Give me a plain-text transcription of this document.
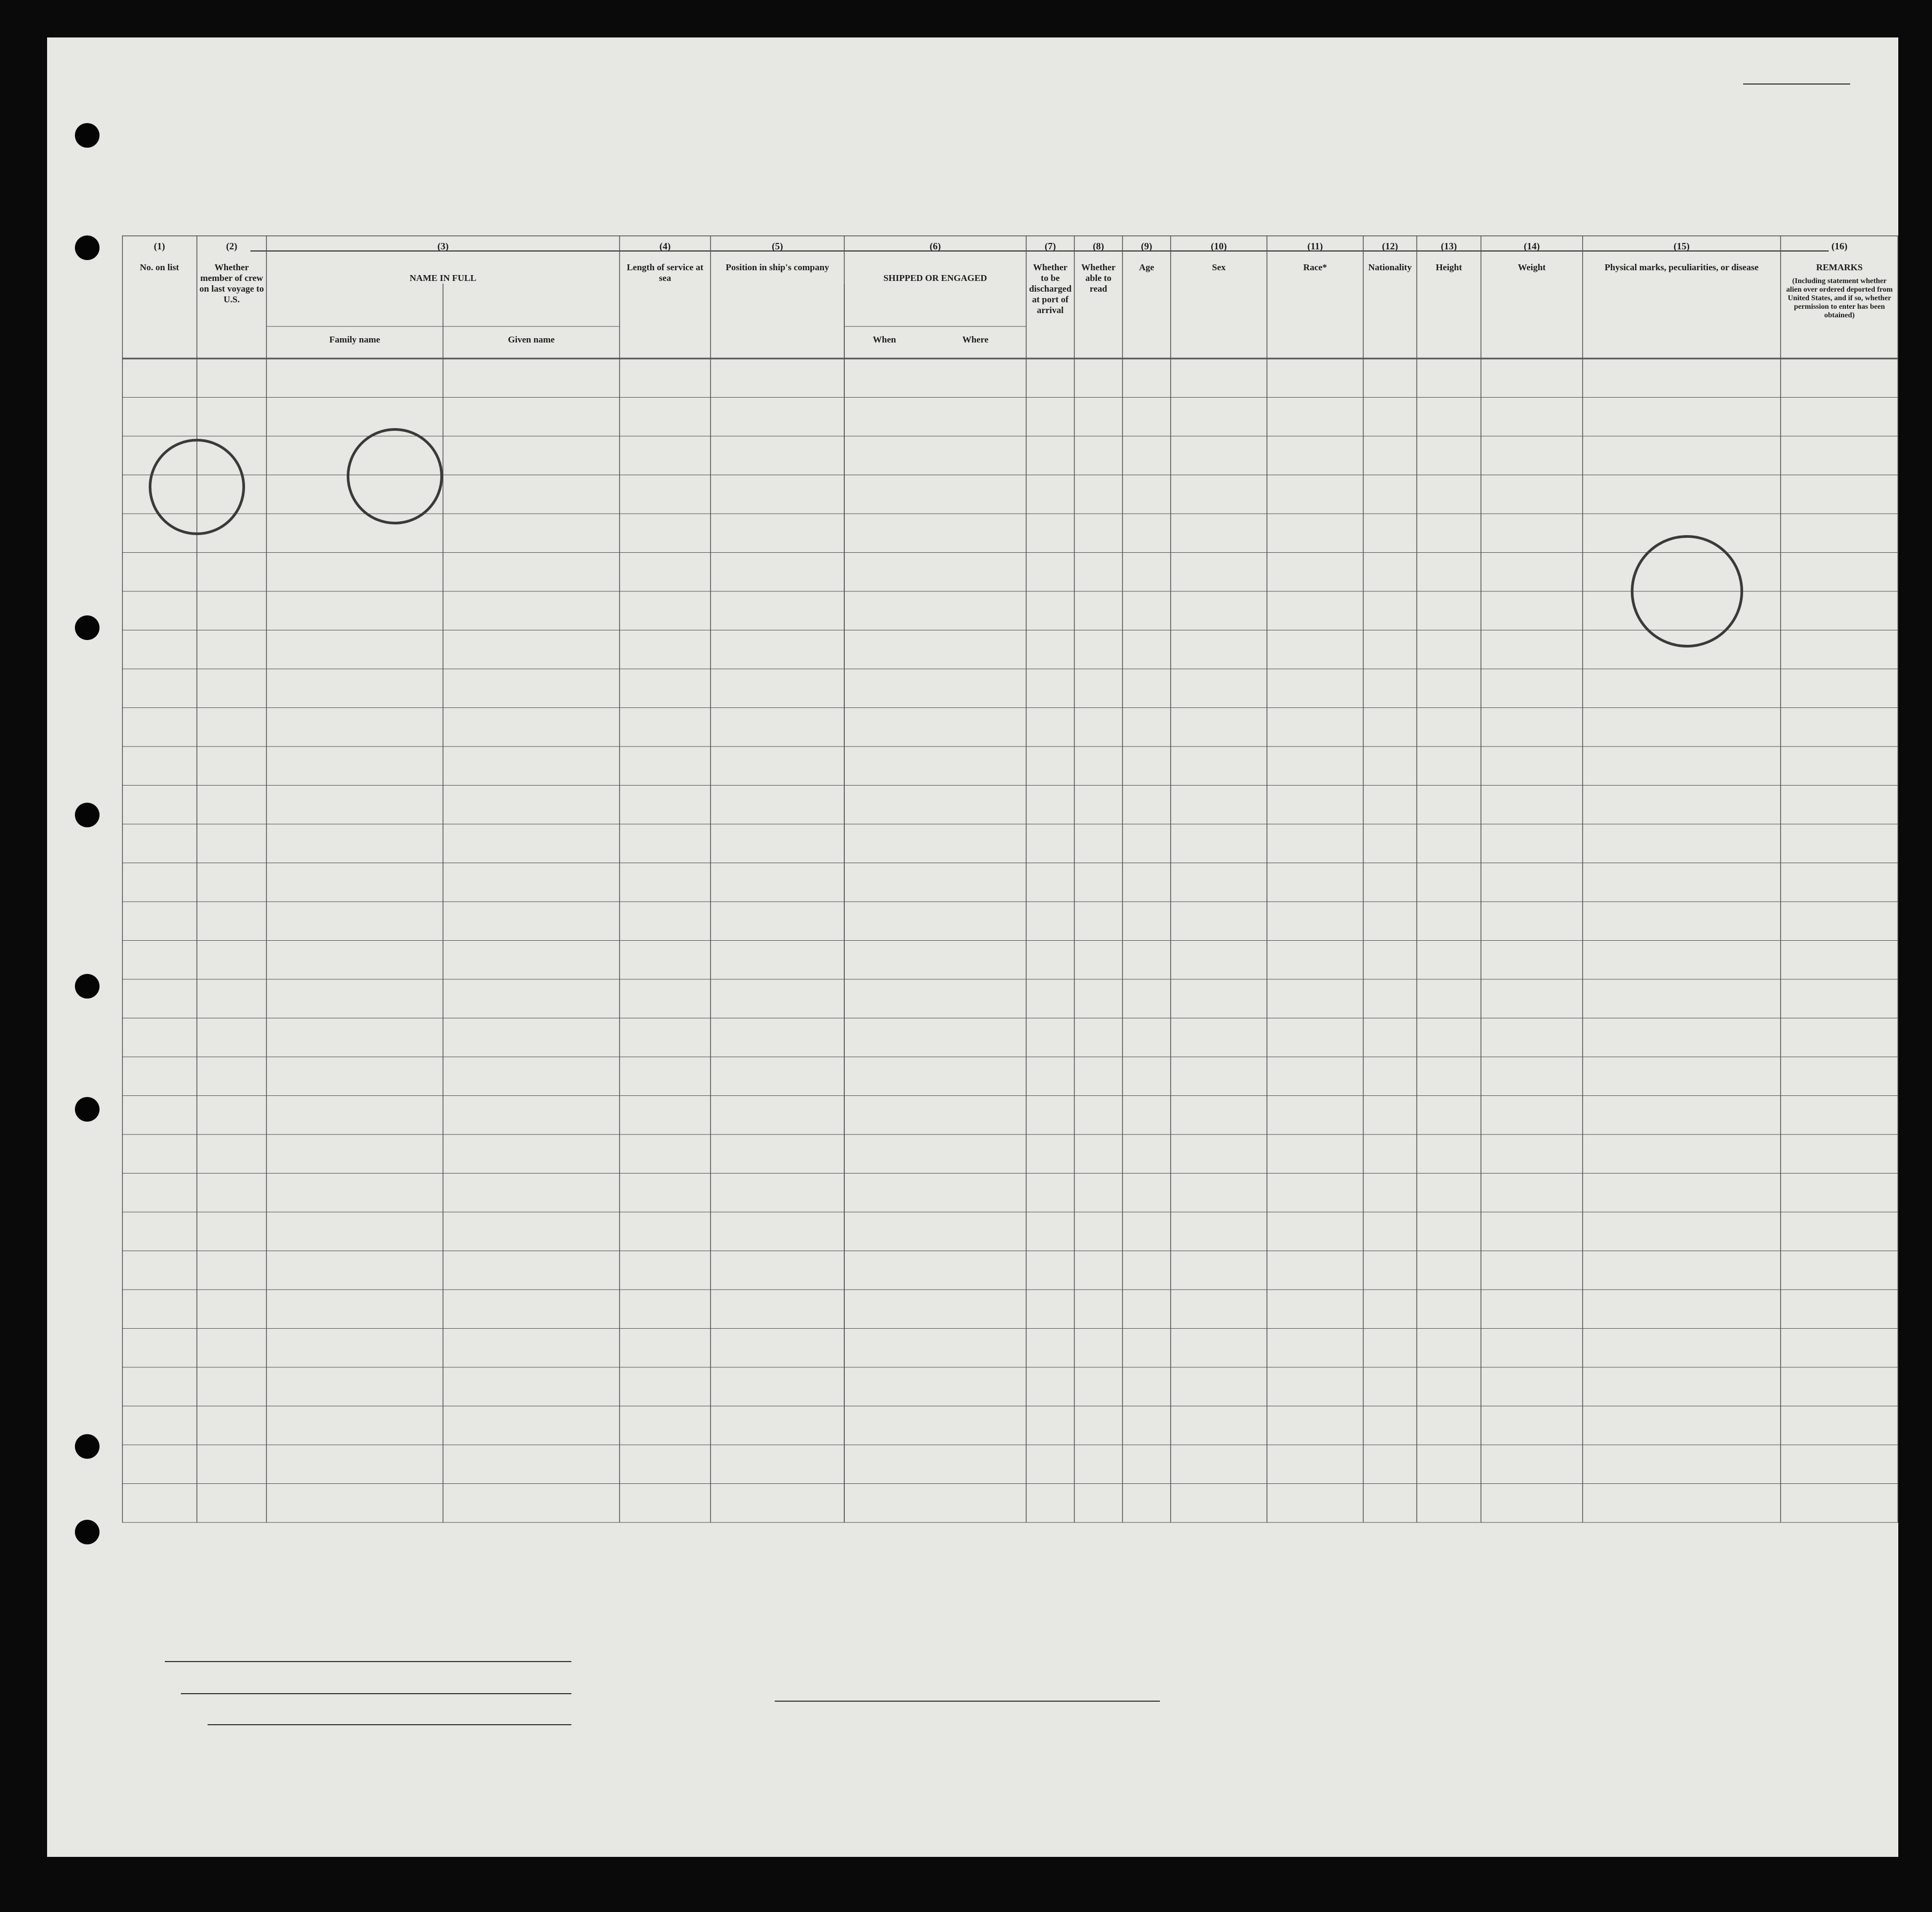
(1)
No. on list
(2)
Whether member of crew on last voyage to U.S.
(3)
NAME IN FULL
Family name	Given name
(4)
Length of service at sea
(5)
Position in ship's company
(6)
SHIPPED OR ENGAGED
When	Where
(7)
Whether to be discharged at port of arrival
(8)
Whether able to read
(9)
Age
(10)
Sex
(11)
Race*
(12)
Nationality
(13)
Height
(14)
Weight
(15)
Physical marks, peculiarities, or disease
(16)
REMARKS
(Including statement whether alien over ordered deported from United States, and if so, whether permission to enter has been obtained)
